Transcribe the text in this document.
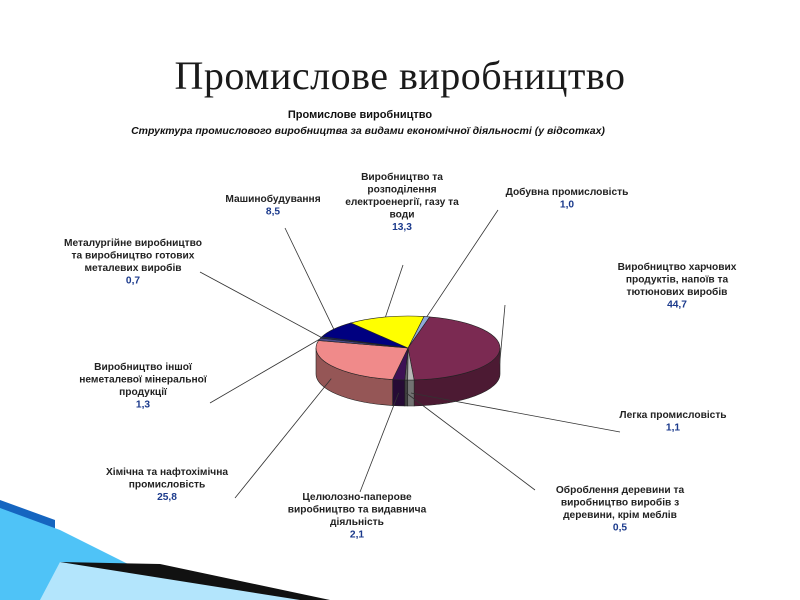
Промислове виробництво
Промислове виробництво
Структура промислового виробництва за видами економічної діяльності (у відсотках)
Добувна промисловість
1,0
Виробництво харчових продуктів, напоїв та тютюнових виробів
44,7
Легка промисловість
1,1
Оброблення деревини та виробництво виробів з деревини, крім меблів
0,5
Целюлозно-паперове виробництво та видавнича діяльність
2,1
Хімічна та нафтохімічна промисловість
25,8
Виробництво іншої неметалевої мінеральної продукції
1,3
Металургійне виробництво та виробництво готових металевих виробів
0,7
Машинобудування
8,5
Виробництво та розподілення електроенергії, газу та води
13,3
